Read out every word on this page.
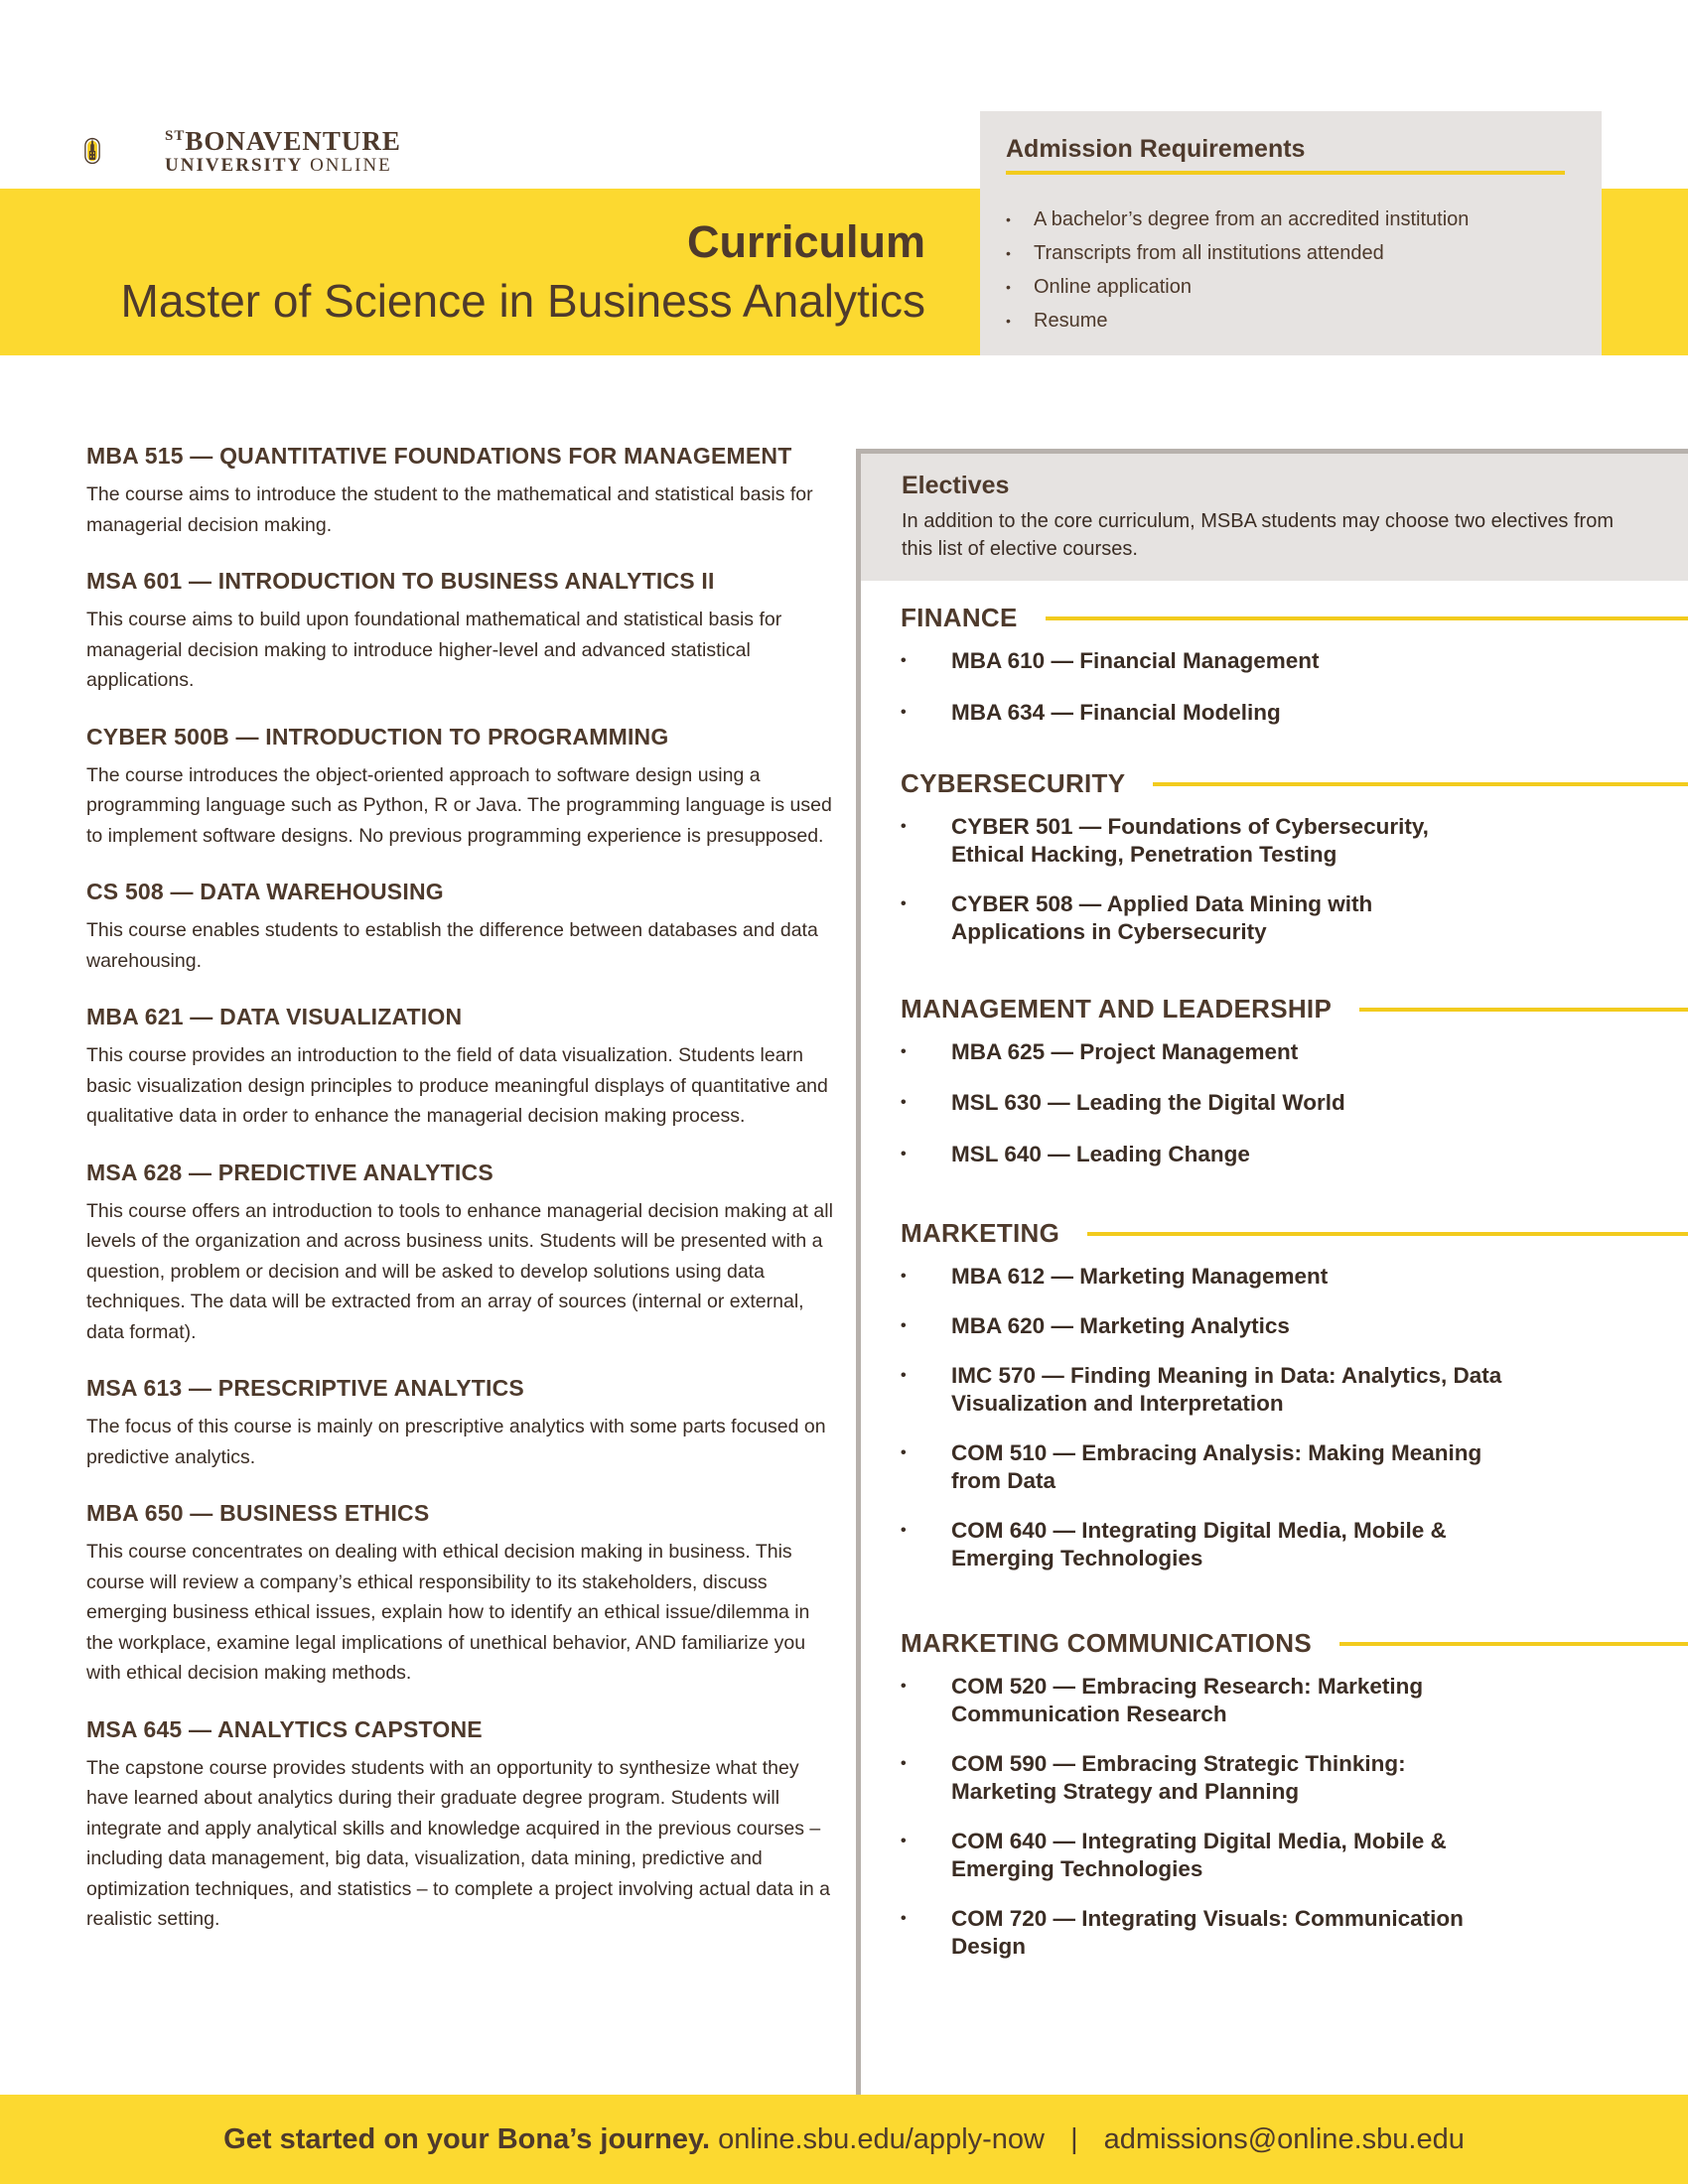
$^{ST}$BONAVENTURE
UNIVERSITY ONLINE
Curriculum
Master of Science in Business Analytics
Admission Requirements
• A bachelor’s degree from an accredited institution
• Transcripts from all institutions attended
• Online application
• Resume
MBA 515 — QUANTITATIVE FOUNDATIONS FOR MANAGEMENT

The course aims to introduce the student to the mathematical and statistical basis for managerial decision making.

MSA 601 — INTRODUCTION TO BUSINESS ANALYTICS II

This course aims to build upon foundational mathematical and statistical basis for managerial decision making to introduce higher-level and advanced statistical applications.

CYBER 500B — INTRODUCTION TO PROGRAMMING

The course introduces the object-oriented approach to software design using a programming language such as Python, R or Java. The programming language is used to implement software designs. No previous programming experience is presupposed.

CS 508 — DATA WAREHOUSING

This course enables students to establish the difference between databases and data warehousing.

MBA 621 — DATA VISUALIZATION

This course provides an introduction to the field of data visualization. Students learn basic visualization design principles to produce meaningful displays of quantitative and qualitative data in order to enhance the managerial decision making process.

MSA 628 — PREDICTIVE ANALYTICS

This course offers an introduction to tools to enhance managerial decision making at all levels of the organization and across business units. Students will be presented with a question, problem or decision and will be asked to develop solutions using data techniques. The data will be extracted from an array of sources (internal or external, data format).

MSA 613 — PRESCRIPTIVE ANALYTICS

The focus of this course is mainly on prescriptive analytics with some parts focused on predictive analytics.

MBA 650 — BUSINESS ETHICS

This course concentrates on dealing with ethical decision making in business. This course will review a company’s ethical responsibility to its stakeholders, discuss emerging business ethical issues, explain how to identify an ethical issue/dilemma in the workplace, examine legal implications of unethical behavior, AND familiarize you with ethical decision making methods.

MSA 645 — ANALYTICS CAPSTONE

The capstone course provides students with an opportunity to synthesize what they have learned about analytics during their graduate degree program. Students will integrate and apply analytical skills and knowledge acquired in the previous courses – including data management, big data, visualization, data mining, predictive and optimization techniques, and statistics – to complete a project involving actual data in a realistic setting.

Electives

In addition to the core curriculum, MSBA students may choose two electives from this list of elective courses.

FINANCE
• MBA 610 — Financial Management
• MBA 634 — Financial Modeling
CYBERSECURITY
• CYBER 501 — Foundations of Cybersecurity, Ethical Hacking, Penetration Testing
• CYBER 508 — Applied Data Mining with Applications in Cybersecurity
MANAGEMENT AND LEADERSHIP
• MBA 625 — Project Management
• MSL 630 — Leading the Digital World
• MSL 640 — Leading Change
MARKETING
• MBA 612 — Marketing Management
• MBA 620 — Marketing Analytics
• IMC 570 — Finding Meaning in Data: Analytics, Data Visualization and Interpretation
• COM 510 — Embracing Analysis: Making Meaning from Data
• COM 640 — Integrating Digital Media, Mobile & Emerging Technologies
MARKETING COMMUNICATIONS
• COM 520 — Embracing Research: Marketing Communication Research
• COM 590 — Embracing Strategic Thinking: Marketing Strategy and Planning
• COM 640 — Integrating Digital Media, Mobile & Emerging Technologies
• COM 720 — Integrating Visuals: Communication Design
Get started on your Bona’s journey. online.sbu.edu/apply-now | admissions@online.sbu.edu
